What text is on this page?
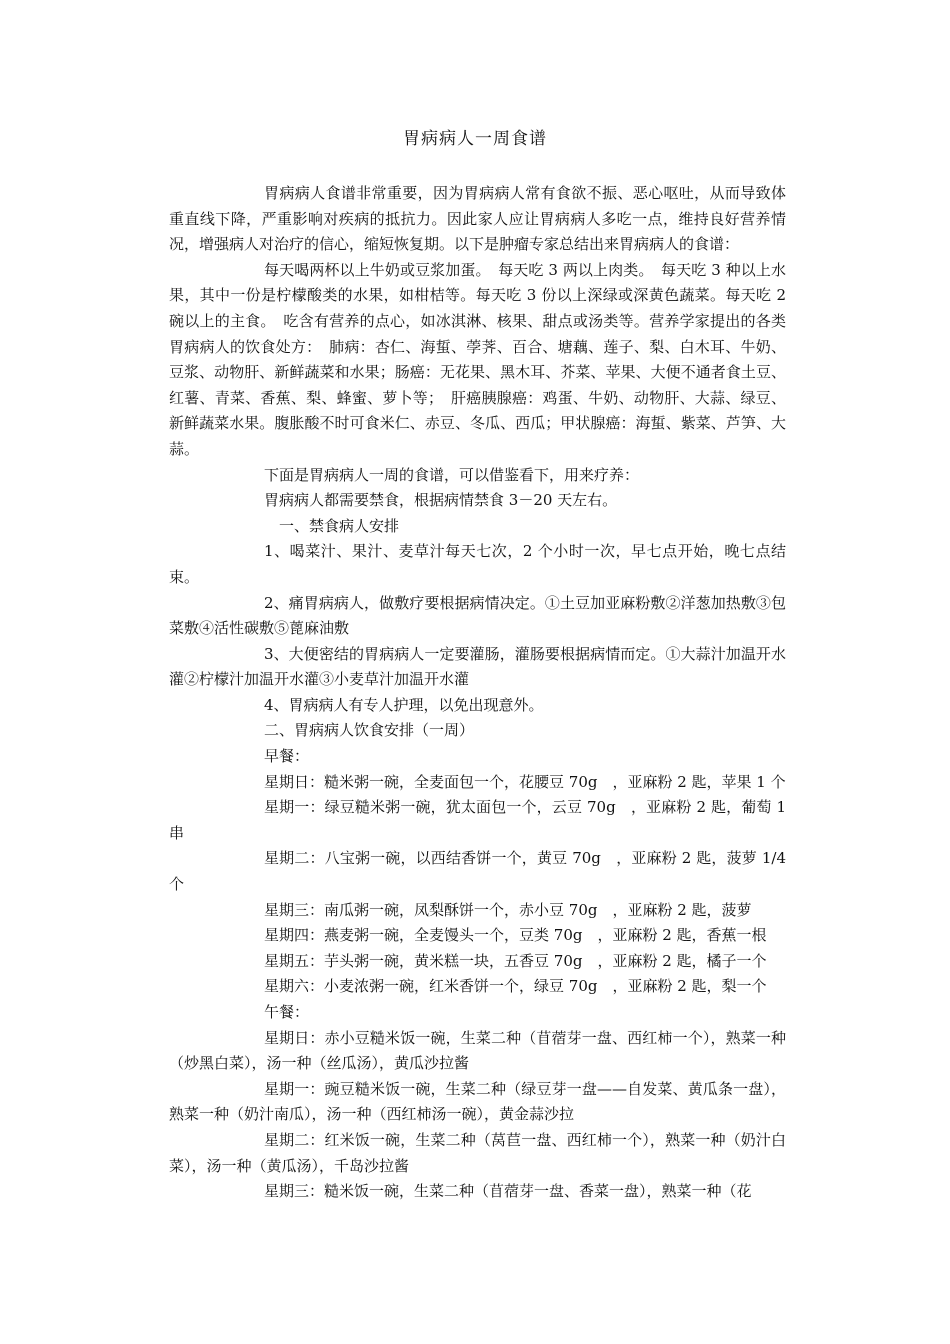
胃病病人一周食谱

胃病病人食谱非常重要，因为胃病病人常有食欲不振、恶心呕吐，从而导致体重直线下降，严重影响对疾病的抵抗力。因此家人应让胃病病人多吃一点，维持良好营养情况，增强病人对治疗的信心，缩短恢复期。以下是肿瘤专家总结出来胃病病人的食谱：

每天喝两杯以上牛奶或豆浆加蛋。　每天吃 3 两以上肉类。　每天吃 3 种以上水果，其中一份是柠檬酸类的水果，如柑桔等。每天吃 3 份以上深绿或深黄色蔬菜。每天吃 2 碗以上的主食。　吃含有营养的点心，如冰淇淋、核果、甜点或汤类等。营养学家提出的各类胃病病人的饮食处方：　肺病：杏仁、海蜇、荸荠、百合、塘藕、莲子、梨、白木耳、牛奶、豆浆、动物肝、新鲜蔬菜和水果；肠癌：无花果、黑木耳、芥菜、苹果、大便不通者食土豆、红薯、青菜、香蕉、梨、蜂蜜、萝卜等；　肝癌胰腺癌：鸡蛋、牛奶、动物肝、大蒜、绿豆、新鲜蔬菜水果。腹胀酸不时可食米仁、赤豆、冬瓜、西瓜；甲状腺癌：海蜇、紫菜、芦笋、大蒜。

下面是胃病病人一周的食谱，可以借鉴看下，用来疗养：

胃病病人都需要禁食，根据病情禁食 3－20 天左右。

一、禁食病人安排

1、喝菜汁、果汁、麦草汁每天七次，2 个小时一次，早七点开始，晚七点结束。

2、痛胃病病人，做敷疗要根据病情决定。①土豆加亚麻粉敷②洋葱加热敷③包菜敷④活性碳敷⑤蓖麻油敷

3、大便密结的胃病病人一定要灌肠，灌肠要根据病情而定。①大蒜汁加温开水灌②柠檬汁加温开水灌③小麦草汁加温开水灌

4、胃病病人有专人护理，以免出现意外。

二、胃病病人饮食安排（一周）

早餐：

星期日：糙米粥一碗，全麦面包一个，花腰豆 70g　，亚麻粉 2 匙，苹果 1 个

星期一：绿豆糙米粥一碗，犹太面包一个，云豆 70g　，亚麻粉 2 匙，葡萄 1 串

星期二：八宝粥一碗，以西结香饼一个，黄豆 70g　，亚麻粉 2 匙，菠萝 1/4 个

星期三：南瓜粥一碗，凤梨酥饼一个，赤小豆 70g　，亚麻粉 2 匙，菠萝

星期四：燕麦粥一碗，全麦馒头一个，豆类 70g　，亚麻粉 2 匙，香蕉一根

星期五：芋头粥一碗，黄米糕一块，五香豆 70g　，亚麻粉 2 匙，橘子一个

星期六：小麦浓粥一碗，红米香饼一个，绿豆 70g　，亚麻粉 2 匙，梨一个

午餐：

星期日：赤小豆糙米饭一碗，生菜二种（苜蓿芽一盘、西红柿一个），熟菜一种（炒黑白菜），汤一种（丝瓜汤），黄瓜沙拉酱

星期一：豌豆糙米饭一碗，生菜二种（绿豆芽一盘——自发菜、黄瓜条一盘），熟菜一种（奶汁南瓜），汤一种（西红柿汤一碗），黄金蒜沙拉

星期二：红米饭一碗，生菜二种（莴苣一盘、西红柿一个），熟菜一种（奶汁白菜），汤一种（黄瓜汤），千岛沙拉酱

星期三：糙米饭一碗，生菜二种（苜蓿芽一盘、香菜一盘），熟菜一种（花
